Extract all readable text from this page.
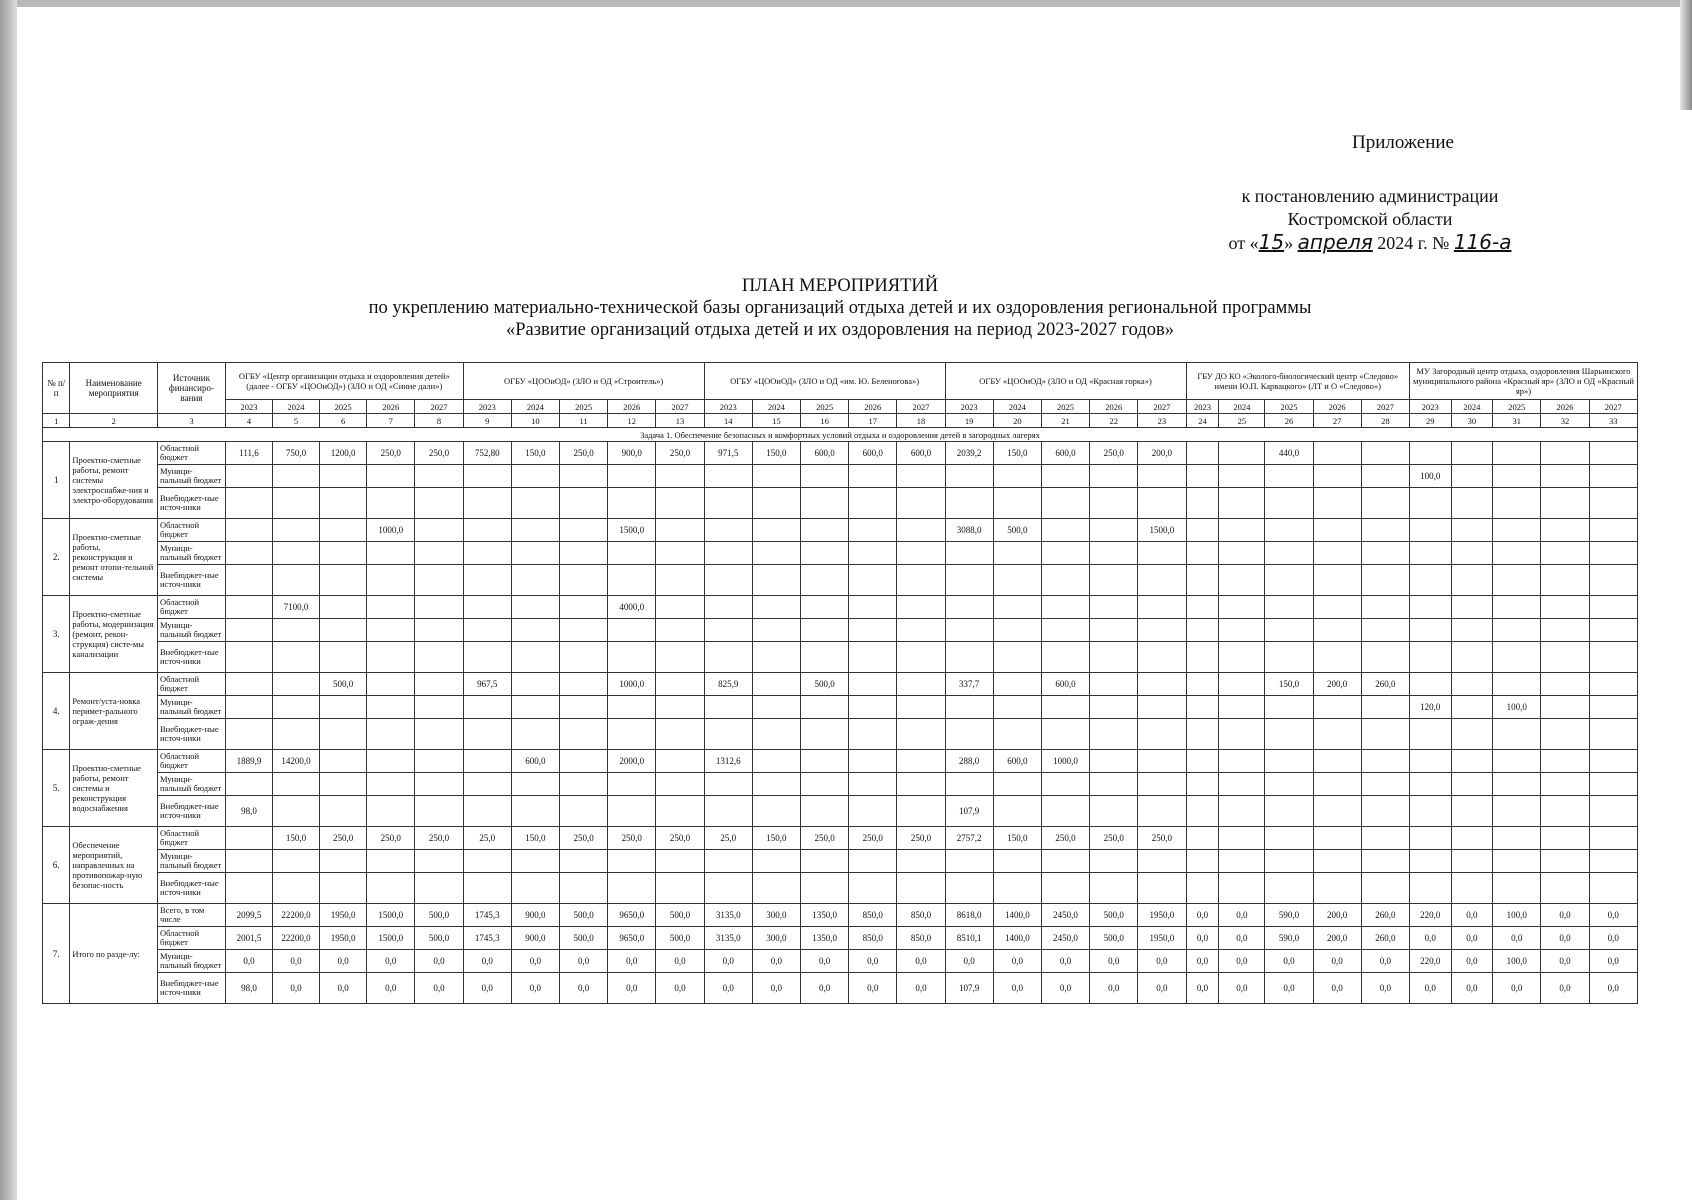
Приложение
к постановлению администрации
Костромской области
от «15» апреля 2024 г. № 116-а
ПЛАН МЕРОПРИЯТИЙ
по укреплению материально-технической базы организаций отдыха детей и их оздоровления региональной программы
«Развитие организаций отдыха детей и их оздоровления на период 2023-2027 годов»
№ п/п	Наименование мероприятия	Источник финансиро-вания	ОГБУ «Центр организации отдыха и оздоровления детей» (далее - ОГБУ «ЦООиОД») (ЗЛО и ОД «Синие дали»)					ОГБУ «ЦООиОД» (ЗЛО и ОД «Строитель»)					ОГБУ «ЦООиОД» (ЗЛО и ОД «им. Ю. Беленогова»)					ОГБУ «ЦООиОД» (ЗЛО и ОД «Красная горка»)					ГБУ ДО КО «Эколого-биологический центр «Следово» имени Ю.П. Карвацкого» (ЛТ и О «Следово»)					МУ Загородный центр отдыха, оздоровления Шарьинского муниципального района «Красный яр» (ЗЛО и ОД «Красный яр»)				
			2023	2024	2025	2026	2027	2023	2024	2025	2026	2027	2023	2024	2025	2026	2027	2023	2024	2025	2026	2027	2023	2024	2025	2026	2027	2023	2024	2025	2026	2027
1	2	3	4	5	6	7	8	9	10	11	12	13	14	15	16	17	18	19	20	21	22	23	24	25	26	27	28	29	30	31	32	33
Задача 1. Обеспечение безопасных и комфортных условий отдыха и оздоровления детей в загородных лагерях																																
1	Проектно-сметные работы, ремонт системы электроснабже-ния и электро-оборудования	Областной бюджет	111,6	750,0	1200,0	250,0	250,0	752,80	150,0	250,0	900,0	250,0	971,5	150,0	600,0	600,0	600,0	2039,2	150,0	600,0	250,0	200,0			440,0							
		Муници-пальный бюджет																										100,0				
		Внебюджет-ные источ-ники																														
2.	Проектно-сметные работы, реконструкция и ремонт отопи-тельной системы	Областной бюджет				1000,0					1500,0							3088,0	500,0			1500,0										
		Муници-пальный бюджет																														
		Внебюджет-ные источ-ники																														
3.	Проектно-сметные работы, модернизация (ремонт, рекон-струкция) систе-мы канализации	Областной бюджет		7100,0							4000,0																					
		Муници-пальный бюджет																														
		Внебюджет-ные источ-ники																														
4.	Ремонт/уста-новка перимет-рального ограж-дения	Областной бюджет			500,0			967,5			1000,0		825,9		500,0			337,7		600,0					150,0	200,0	260,0					
		Муници-пальный бюджет																										120,0		100,0		
		Внебюджет-ные источ-ники																														
5.	Проектно-сметные работы, ремонт системы и реконструкция водоснабжения	Областной бюджет	1889,9	14200,0					600,0		2000,0		1312,6					288,0	600,0	1000,0												
		Муници-пальный бюджет																														
		Внебюджет-ные источ-ники	98,0															107,9														
6.	Обеспечение мероприятий, направленных на противопожар-ную безопас-ность	Областной бюджет		150,0	250,0	250,0	250,0	25,0	150,0	250,0	250,0	250,0	25,0	150,0	250,0	250,0	250,0	2757,2	150,0	250,0	250,0	250,0										
		Муници-пальный бюджет																														
		Внебюджет-ные источ-ники																														
7.	Итого по разде-лу:	Всего, в том числе	2099,5	22200,0	1950,0	1500,0	500,0	1745,3	900,0	500,0	9650,0	500,0	3135,0	300,0	1350,0	850,0	850,0	8618,0	1400,0	2450,0	500,0	1950,0	0,0	0,0	590,0	200,0	260,0	220,0	0,0	100,0	0,0	0,0
		Областной бюджет	2001,5	22200,0	1950,0	1500,0	500,0	1745,3	900,0	500,0	9650,0	500,0	3135,0	300,0	1350,0	850,0	850,0	8510,1	1400,0	2450,0	500,0	1950,0	0,0	0,0	590,0	200,0	260,0	0,0	0,0	0,0	0,0	0,0
		Муници-пальный бюджет	0,0	0,0	0,0	0,0	0,0	0,0	0,0	0,0	0,0	0,0	0,0	0,0	0,0	0,0	0,0	0,0	0,0	0,0	0,0	0,0	0,0	0,0	0,0	0,0	0,0	220,0	0,0	100,0	0,0	0,0
		Внебюджет-ные источ-ники	98,0	0,0	0,0	0,0	0,0	0,0	0,0	0,0	0,0	0,0	0,0	0,0	0,0	0,0	0,0	107,9	0,0	0,0	0,0	0,0	0,0	0,0	0,0	0,0	0,0	0,0	0,0	0,0	0,0	0,0
